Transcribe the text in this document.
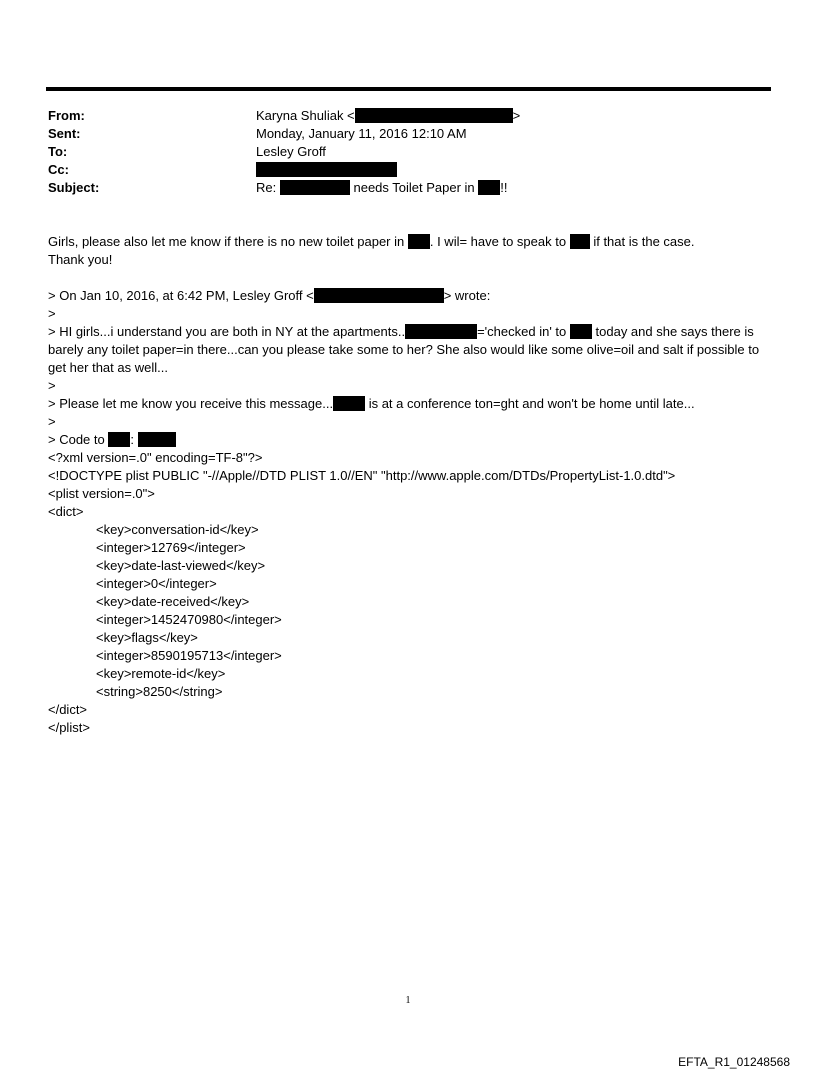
From:	Karyna Shuliak <	>
Sent:	Monday, January 11, 2016 12:10 AM
To:	Lesley Groff
Cc:
Subject:	Re:	needs Toilet Paper in !!
Girls, please also let me know if there is no new toilet paper in . I wil= have to speak to if that is the case.
Thank you!
> On Jan 10, 2016, at 6:42 PM, Lesley Groff <	> wrote:
>
> HI girls...i understand you are both in NY at the apartments..	='checked in' to today and she says there is barely any toilet paper=in there...can you please take some to her? She also would like some olive=oil and salt if possible to get her that as well...
>
> Please let me know you receive this message...	is at a conference ton=ght and won't be home until late...
>
> Code to :
<?xml version=.0" encoding=TF-8"?>
<!DOCTYPE plist PUBLIC "-//Apple//DTD PLIST 1.0//EN" "http://www.apple.com/DTDs/PropertyList-1.0.dtd">
<plist version=.0">
<dict>
<key>conversation-id</key>
<integer>12769</integer>
<key>date-last-viewed</key>
<integer>0</integer>
<key>date-received</key>
<integer>1452470980</integer>
<key>flags</key>
<integer>8590195713</integer>
<key>remote-id</key>
<string>8250</string>
</dict>
</plist>
1
EFTA_R1_01248568
